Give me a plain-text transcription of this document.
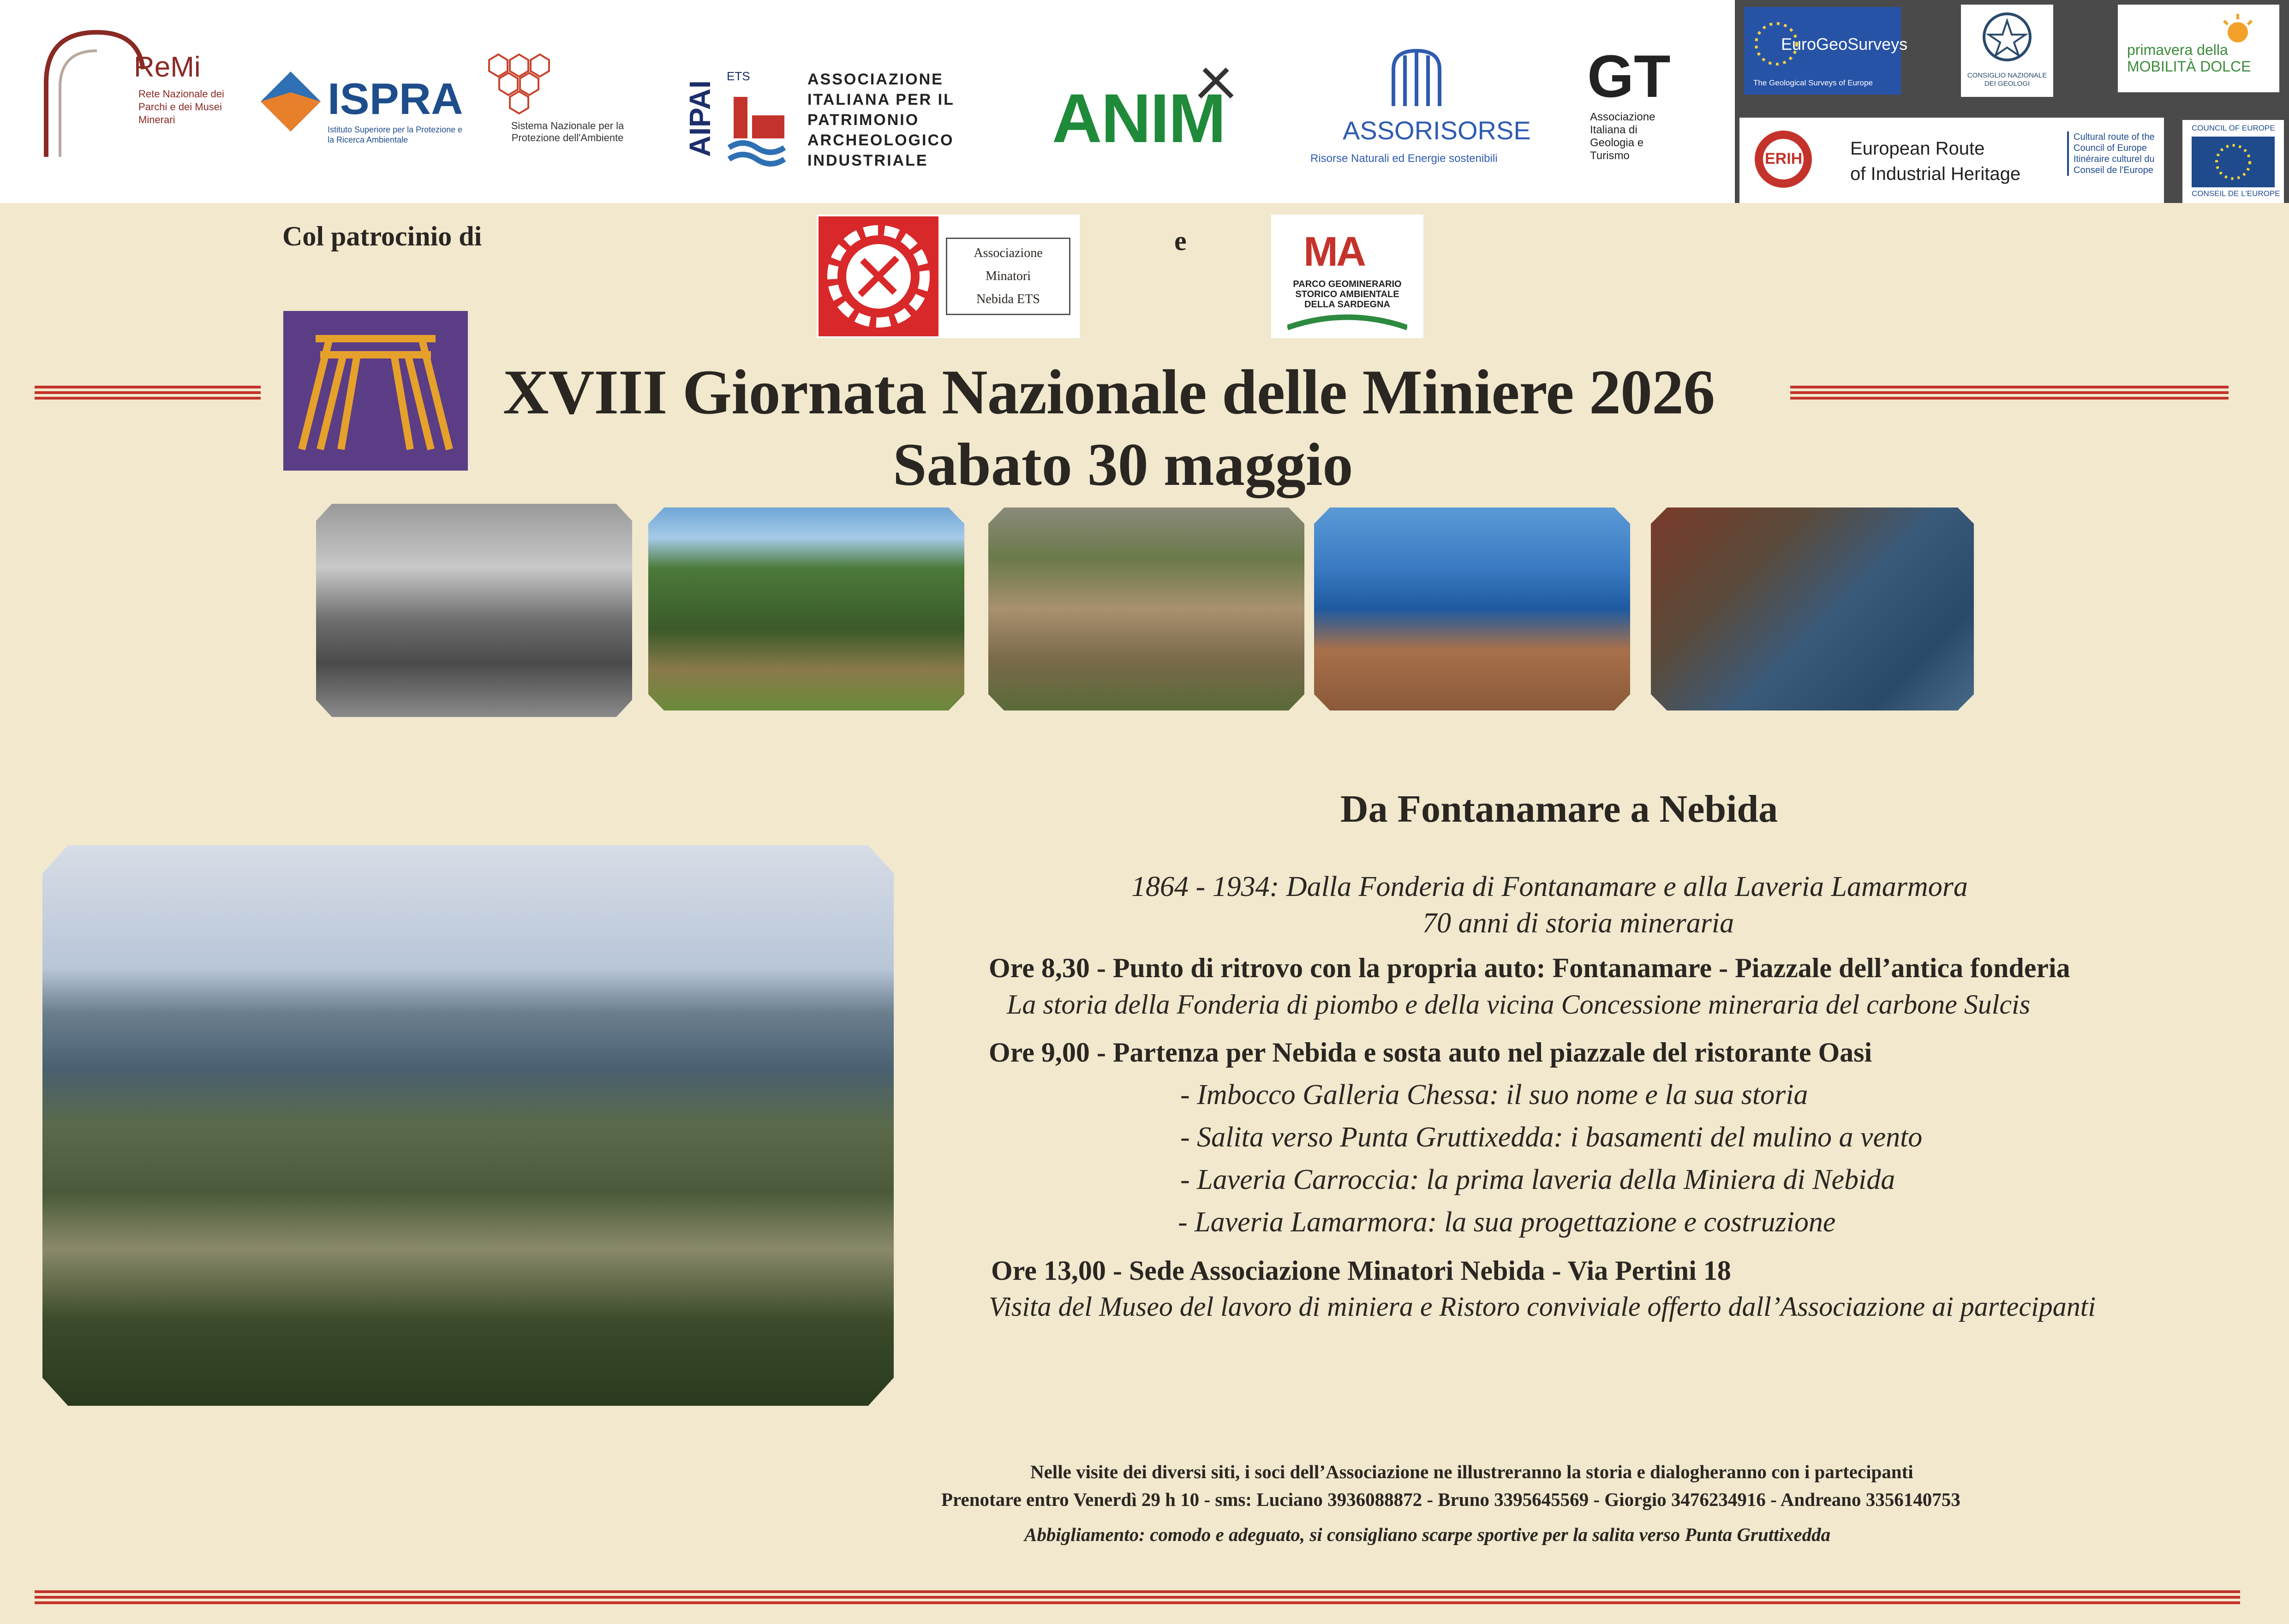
ReMi
Rete Nazionale dei Parchi e dei Musei Minerari	ISPRA
Istituto Superiore per la Protezione e la Ricerca Ambientale
Sistema Nazionale per la Protezione dell'Ambiente AIPAI
ETS	ASSOCIAZIONE ITALIANA PER IL PATRIMONIO ARCHEOLOGICO INDUSTRIALE
ANIM	ASSORISORSE
Risorse Naturali ed Energie sostenibili
GT
Associazione Italiana di Geologia e Turismo
EuroGeoSurveys
The Geological Surveys of Europe
CONSIGLIO NAZIONALE DEI GEOLOGI
primavera della MOBILITÀ DOLCE
ERIH	European Route
of Industrial Heritage
Cultural route of the Council of Europe
Itinéraire culturel du Conseil de l'Europe
COUNCIL OF EUROPE
CONSEIL DE L'EUROPE
Col patrocinio di
Associazione
Minatori
Nebida ETS
e	MA
PARCO GEOMINERARIO STORICO AMBIENTALE DELLA SARDEGNA
XVIII Giornata Nazionale delle Miniere 2026
Sabato 30 maggio
Da Fontanamare a Nebida
1864 - 1934: Dalla Fonderia di Fontanamare e alla Laveria Lamarmora
70 anni di storia mineraria
Ore 8,30 - Punto di ritrovo con la propria auto: Fontanamare - Piazzale dell’antica fonderia
La storia della Fonderia di piombo e della vicina Concessione mineraria del carbone Sulcis
Ore 9,00 - Partenza per Nebida e sosta auto nel piazzale del ristorante Oasi
- Imbocco Galleria Chessa: il suo nome e la sua storia
- Salita verso Punta Gruttixedda: i basamenti del mulino a vento
- Laveria Carroccia: la prima laveria della Miniera di Nebida
- Laveria Lamarmora: la sua progettazione e costruzione
Ore 13,00 - Sede Associazione Minatori Nebida - Via Pertini 18
Visita del Museo del lavoro di miniera e Ristoro conviviale offerto dall’Associazione ai partecipanti
Nelle visite dei diversi siti, i soci dell’Associazione ne illustreranno la storia e dialogheranno con i partecipanti
Prenotare entro Venerdì 29 h 10 - sms: Luciano 3936088872 - Bruno 3395645569 - Giorgio 3476234916 - Andreano 3356140753
Abbigliamento: comodo e adeguato, si consigliano scarpe sportive per la salita verso Punta Gruttixedda
